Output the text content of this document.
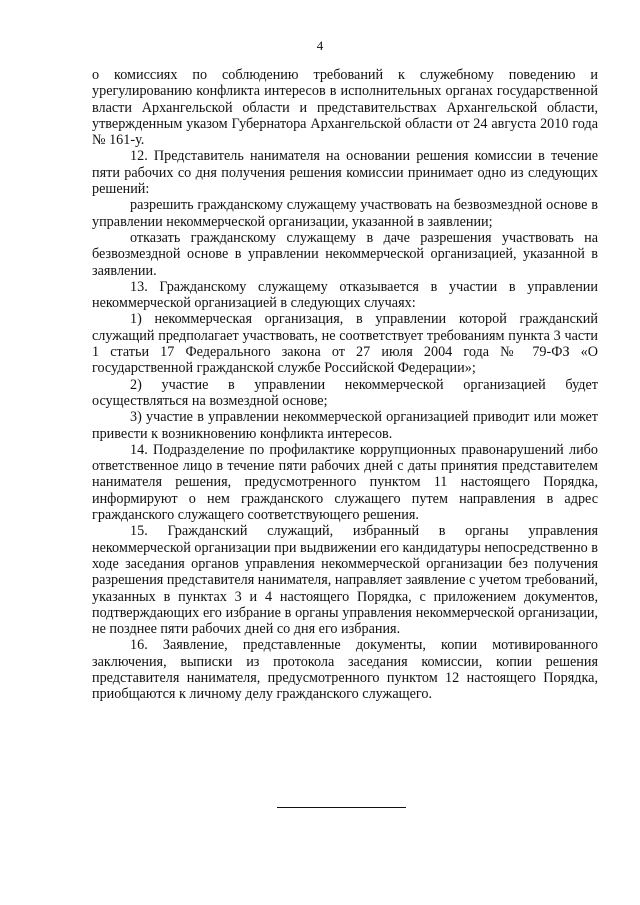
4

о комиссиях по соблюдению требований к служебному поведению и урегулированию конфликта интересов в исполнительных органах государственной власти Архангельской области и представительствах Архангельской области, утвержденным указом Губернатора Архангельской области от 24 августа 2010 года № 161-у.

12. Представитель нанимателя на основании решения комиссии в течение пяти рабочих со дня получения решения комиссии принимает одно из следующих решений:

разрешить гражданскому служащему участвовать на безвозмездной основе в управлении некоммерческой организации, указанной в заявлении;

отказать гражданскому служащему в даче разрешения участвовать на безвозмездной основе в управлении некоммерческой организацией, указанной в заявлении.

13. Гражданскому служащему отказывается в участии в управлении некоммерческой организацией в следующих случаях:

1) некоммерческая организация, в управлении которой гражданский служащий предполагает участвовать, не соответствует требованиям пункта 3 части 1 статьи 17 Федерального закона от 27 июля 2004 года № 79-ФЗ «О государственной гражданской службе Российской Федерации»;

2) участие в управлении некоммерческой организацией будет осуществляться на возмездной основе;

3) участие в управлении некоммерческой организацией приводит или может привести к возникновению конфликта интересов.

14. Подразделение по профилактике коррупционных правонарушений либо ответственное лицо в течение пяти рабочих дней с даты принятия представителем нанимателя решения, предусмотренного пунктом 11 настоящего Порядка, информируют о нем гражданского служащего путем направления в адрес гражданского служащего соответствующего решения.

15. Гражданский служащий, избранный в органы управления некоммерческой организации при выдвижении его кандидатуры непосредственно в ходе заседания органов управления некоммерческой организации без получения разрешения представителя нанимателя, направляет заявление с учетом требований, указанных в пунктах 3 и 4 настоящего Порядка, с приложением документов, подтверждающих его избрание в органы управления некоммерческой организации, не позднее пяти рабочих дней со дня его избрания.

16. Заявление, представленные документы, копии мотивированного заключения, выписки из протокола заседания комиссии, копии решения представителя нанимателя, предусмотренного пунктом 12 настоящего Порядка, приобщаются к личному делу гражданского служащего.
